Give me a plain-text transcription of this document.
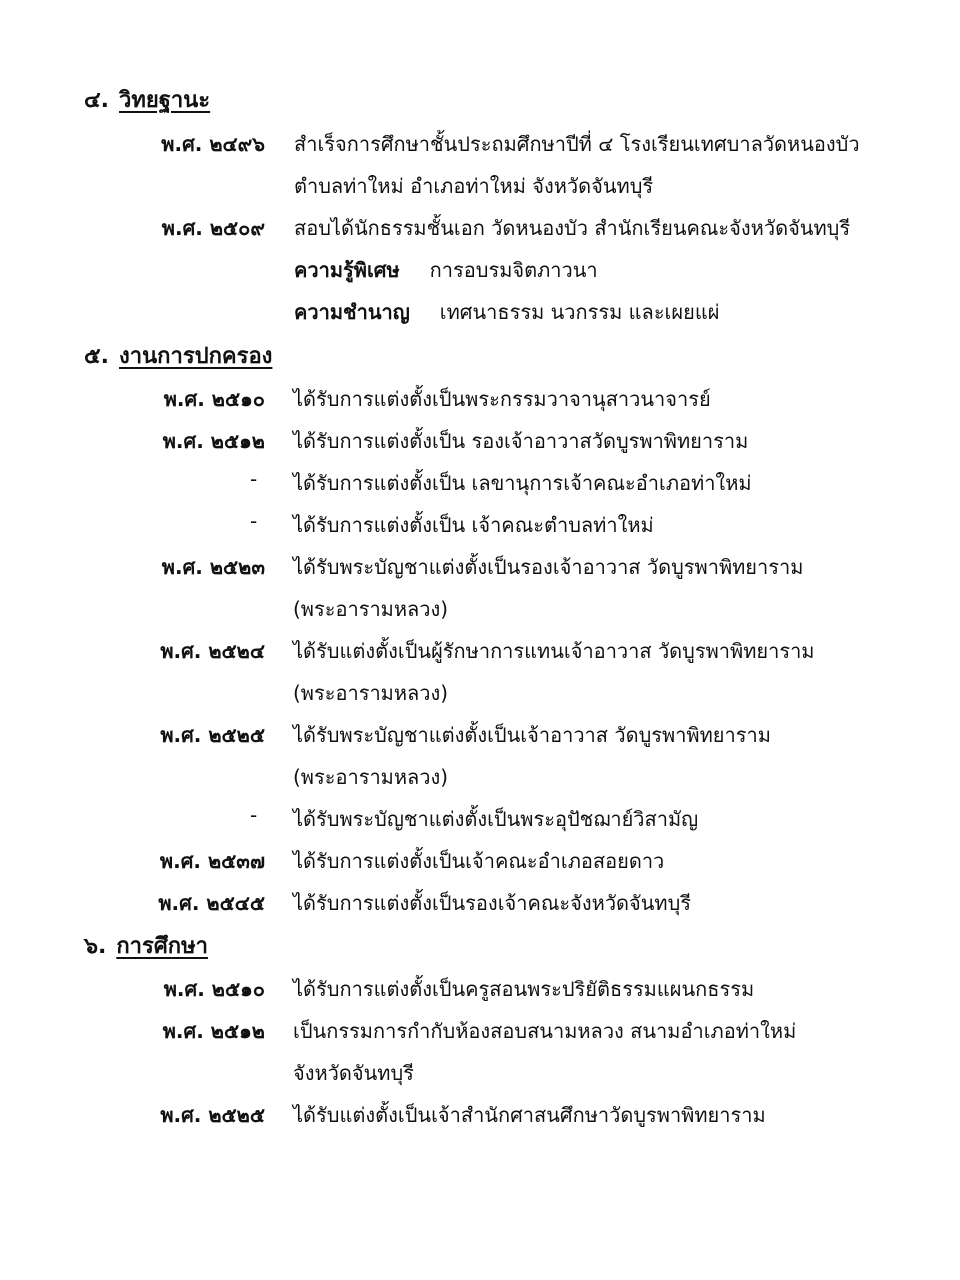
๔. วิทยฐานะ
พ.ศ. ๒๔๙๖ สำเร็จการศึกษาชั้นประถมศึกษาปีที่ ๔ โรงเรียนเทศบาลวัดหนองบัว
ตำบลท่าใหม่ อำเภอท่าใหม่ จังหวัดจันทบุรี
พ.ศ. ๒๕๐๙ สอบได้นักธรรมชั้นเอก วัดหนองบัว สำนักเรียนคณะจังหวัดจันทบุรี
ความรู้พิเศษ การอบรมจิตภาวนา
ความชำนาญ เทศนาธรรม นวกรรม และเผยแผ่
๕. งานการปกครอง
พ.ศ. ๒๕๑๐ ได้รับการแต่งตั้งเป็นพระกรรมวาจานุสาวนาจารย์
พ.ศ. ๒๕๑๒ ได้รับการแต่งตั้งเป็น รองเจ้าอาวาสวัดบูรพาพิทยาราม
- ได้รับการแต่งตั้งเป็น เลขานุการเจ้าคณะอำเภอท่าใหม่
- ได้รับการแต่งตั้งเป็น เจ้าคณะตำบลท่าใหม่
พ.ศ. ๒๕๒๓ ได้รับพระบัญชาแต่งตั้งเป็นรองเจ้าอาวาส วัดบูรพาพิทยาราม
(พระอารามหลวง)
พ.ศ. ๒๕๒๔ ได้รับแต่งตั้งเป็นผู้รักษาการแทนเจ้าอาวาส วัดบูรพาพิทยาราม
(พระอารามหลวง)
พ.ศ. ๒๕๒๕ ได้รับพระบัญชาแต่งตั้งเป็นเจ้าอาวาส วัดบูรพาพิทยาราม
(พระอารามหลวง)
- ได้รับพระบัญชาแต่งตั้งเป็นพระอุปัชฌาย์วิสามัญ
พ.ศ. ๒๕๓๗ ได้รับการแต่งตั้งเป็นเจ้าคณะอำเภอสอยดาว
พ.ศ. ๒๕๔๕ ได้รับการแต่งตั้งเป็นรองเจ้าคณะจังหวัดจันทบุรี
๖. การศึกษา
พ.ศ. ๒๕๑๐ ได้รับการแต่งตั้งเป็นครูสอนพระปริยัติธรรมแผนกธรรม
พ.ศ. ๒๕๑๒ เป็นกรรมการกำกับห้องสอบสนามหลวง สนามอำเภอท่าใหม่
จังหวัดจันทบุรี
พ.ศ. ๒๕๒๕ ได้รับแต่งตั้งเป็นเจ้าสำนักศาสนศึกษาวัดบูรพาพิทยาราม
